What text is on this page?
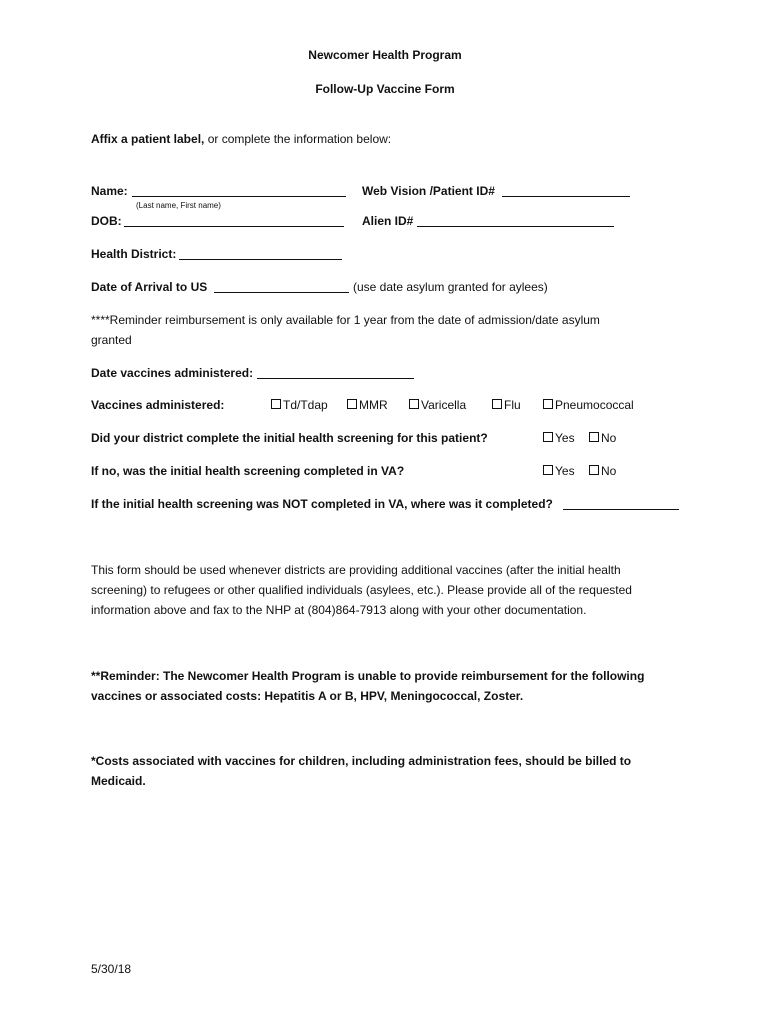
Newcomer Health Program
Follow-Up Vaccine Form
Affix a patient label, or complete the information below:
Name:
(Last name, First name)
Web Vision /Patient ID#
DOB:	Alien ID#
Health District:
Date of Arrival to US	(use date asylum granted for aylees)
****Reminder reimbursement is only available for 1 year from the date of admission/date asylum
granted
Date vaccines administered:
Vaccines administered:	Td/Tdap	MMR	Varicella	Flu	Pneumococcal
Did your district complete the initial health screening for this patient?	Yes	No
If no, was the initial health screening completed in VA?	Yes	No
If the initial health screening was NOT completed in VA, where was it completed?
This form should be used whenever districts are providing additional vaccines (after the initial health
screening) to refugees or other qualified individuals (asylees, etc.). Please provide all of the requested
information above and fax to the NHP at (804)864-7913 along with your other documentation.
**Reminder: The Newcomer Health Program is unable to provide reimbursement for the following
vaccines or associated costs: Hepatitis A or B, HPV, Meningococcal, Zoster.
*Costs associated with vaccines for children, including administration fees, should be billed to
Medicaid.
5/30/18
